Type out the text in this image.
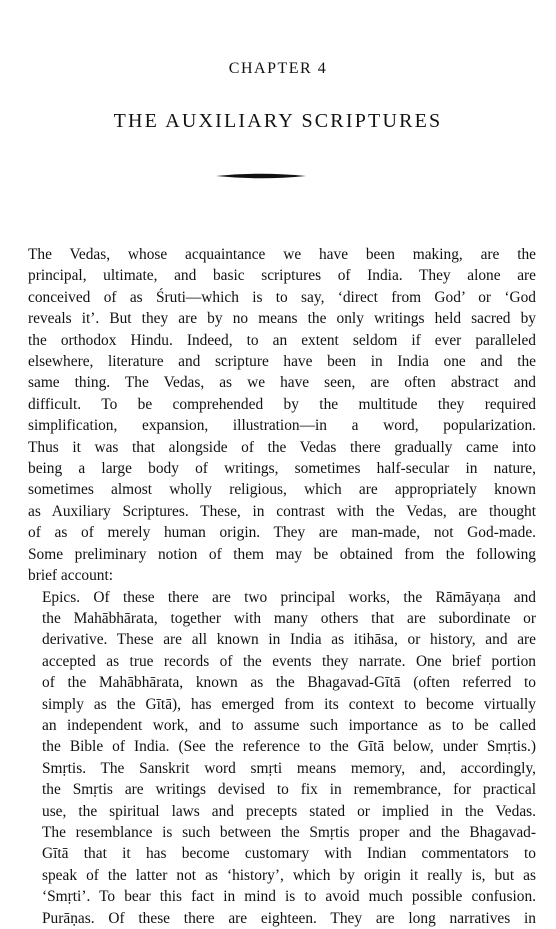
CHAPTER 4
THE AUXILIARY SCRIPTURES
The Vedas, whose acquaintance we have been making, are the
principal, ultimate, and basic scriptures of India. They alone are
conceived of as Śruti—which is to say, ‘direct from God’ or ‘God
reveals it’. But they are by no means the only writings held sacred by
the orthodox Hindu. Indeed, to an extent seldom if ever paralleled
elsewhere, literature and scripture have been in India one and the
same thing. The Vedas, as we have seen, are often abstract and
difficult. To be comprehended by the multitude they required
simplification, expansion, illustration—in a word, popularization.
Thus it was that alongside of the Vedas there gradually came into
being a large body of writings, sometimes half-secular in nature,
sometimes almost wholly religious, which are appropriately known
as Auxiliary Scriptures. These, in contrast with the Vedas, are thought
of as of merely human origin. They are man-made, not God-made.
Some preliminary notion of them may be obtained from the following
brief account:
Epics. Of these there are two principal works, the Rāmāyaṇa and
the Mahābhārata, together with many others that are subordinate or
derivative. These are all known in India as itihāsa, or history, and are
accepted as true records of the events they narrate. One brief portion
of the Mahābhārata, known as the Bhagavad-Gītā (often referred to
simply as the Gītā), has emerged from its context to become virtually
an independent work, and to assume such importance as to be called
the Bible of India. (See the reference to the Gītā below, under Smṛtis.)
Smṛtis. The Sanskrit word smṛti means memory, and, accordingly,
the Smṛtis are writings devised to fix in remembrance, for practical
use, the spiritual laws and precepts stated or implied in the Vedas.
The resemblance is such between the Smṛtis proper and the Bhagavad-
Gītā that it has become customary with Indian commentators to
speak of the latter not as ‘history’, which by origin it really is, but as
‘Smṛti’. To bear this fact in mind is to avoid much possible confusion.
Purāṇas. Of these there are eighteen. They are long narratives in
